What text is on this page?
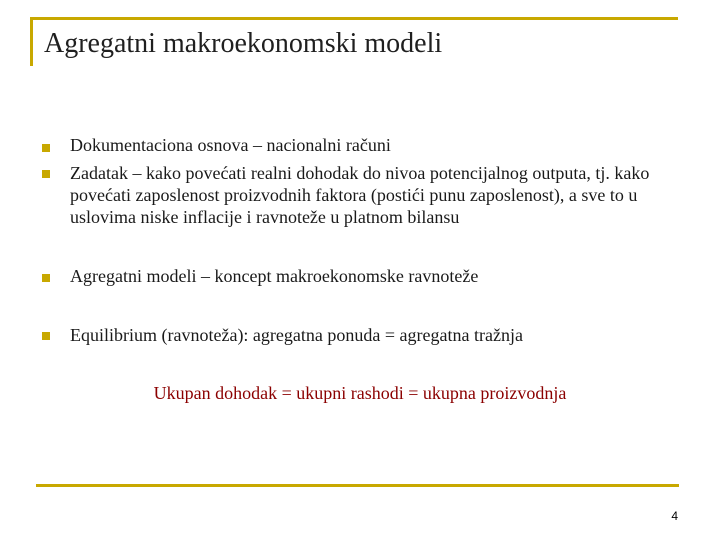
Agregatni makroekonomski modeli
Dokumentaciona osnova – nacionalni računi
Zadatak – kako povećati realni dohodak do nivoa potencijalnog outputa, tj. kako povećati zaposlenost proizvodnih faktora (postići punu zaposlenost), a sve to u uslovima niske inflacije i ravnoteže u platnom bilansu
Agregatni modeli – koncept makroekonomske ravnoteže
Equilibrium (ravnoteža): agregatna ponuda = agregatna tražnja
Ukupan dohodak = ukupni rashodi = ukupna proizvodnja
4
